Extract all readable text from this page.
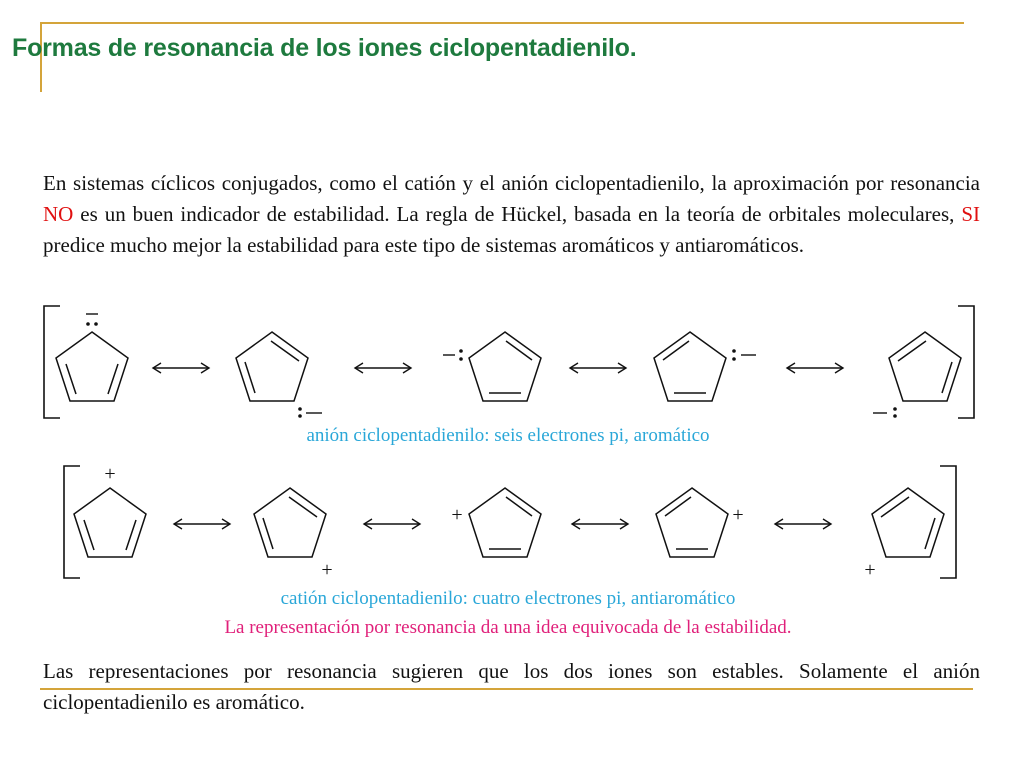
Formas de resonancia de los iones ciclopentadienilo.
En sistemas cíclicos conjugados, como el catión y el anión ciclopentadienilo, la aproximación por resonancia NO es un buen indicador de estabilidad. La regla de Hückel, basada en la teoría de orbitales moleculares, SI predice mucho mejor la estabilidad para este tipo de sistemas aromáticos y antiaromáticos.
anión ciclopentadienilo: seis electrones pi, aromático
+
+
+	+
+
catión ciclopentadienilo: cuatro electrones pi, antiaromático
La representación por resonancia da una idea equivocada de la estabilidad.
Las representaciones por resonancia sugieren que los dos iones son estables. Solamente el anión ciclopentadienilo es aromático.
